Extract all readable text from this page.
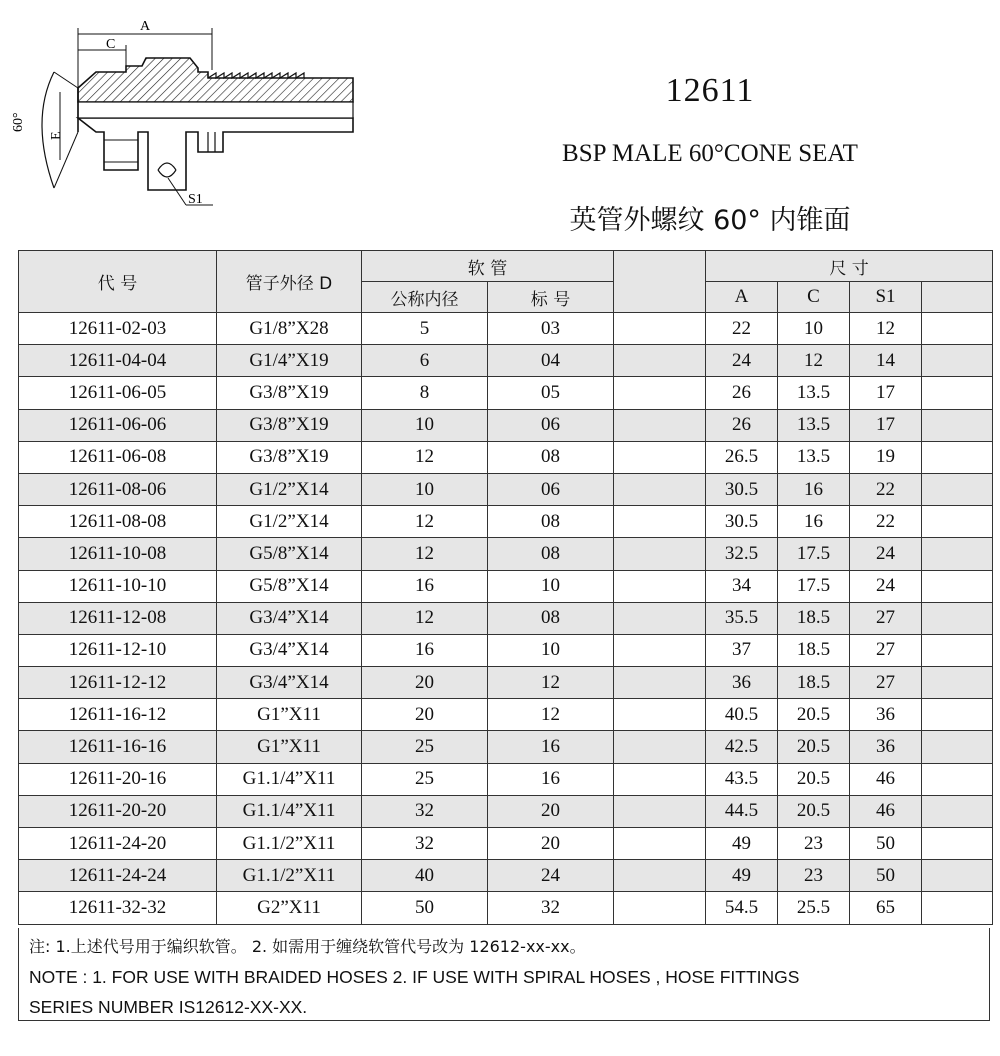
60°
E
A
C
S1
12611
BSP MALE 60°CONE SEAT
英管外螺纹 60° 内锥面
代 号	管子外径 D	软 管			尺 寸			
		公称内径	标 号		A	C	S1	
12611-02-03	G1/8”X28	5	03		22	10	12	
12611-04-04	G1/4”X19	6	04		24	12	14	
12611-06-05	G3/8”X19	8	05		26	13.5	17	
12611-06-06	G3/8”X19	10	06		26	13.5	17	
12611-06-08	G3/8”X19	12	08		26.5	13.5	19	
12611-08-06	G1/2”X14	10	06		30.5	16	22	
12611-08-08	G1/2”X14	12	08		30.5	16	22	
12611-10-08	G5/8”X14	12	08		32.5	17.5	24	
12611-10-10	G5/8”X14	16	10		34	17.5	24	
12611-12-08	G3/4”X14	12	08		35.5	18.5	27	
12611-12-10	G3/4”X14	16	10		37	18.5	27	
12611-12-12	G3/4”X14	20	12		36	18.5	27	
12611-16-12	G1”X11	20	12		40.5	20.5	36	
12611-16-16	G1”X11	25	16		42.5	20.5	36	
12611-20-16	G1.1/4”X11	25	16		43.5	20.5	46	
12611-20-20	G1.1/4”X11	32	20		44.5	20.5	46	
12611-24-20	G1.1/2”X11	32	20		49	23	50	
12611-24-24	G1.1/2”X11	40	24		49	23	50	
12611-32-32	G2”X11	50	32		54.5	25.5	65	
注: 1.上述代号用于编织软管。 2. 如需用于缠绕软管代号改为 12612-xx-xx。
NOTE : 1. FOR USE WITH BRAIDED HOSES 2. IF USE WITH SPIRAL HOSES , HOSE FITTINGS
SERIES NUMBER IS12612-XX-XX.
